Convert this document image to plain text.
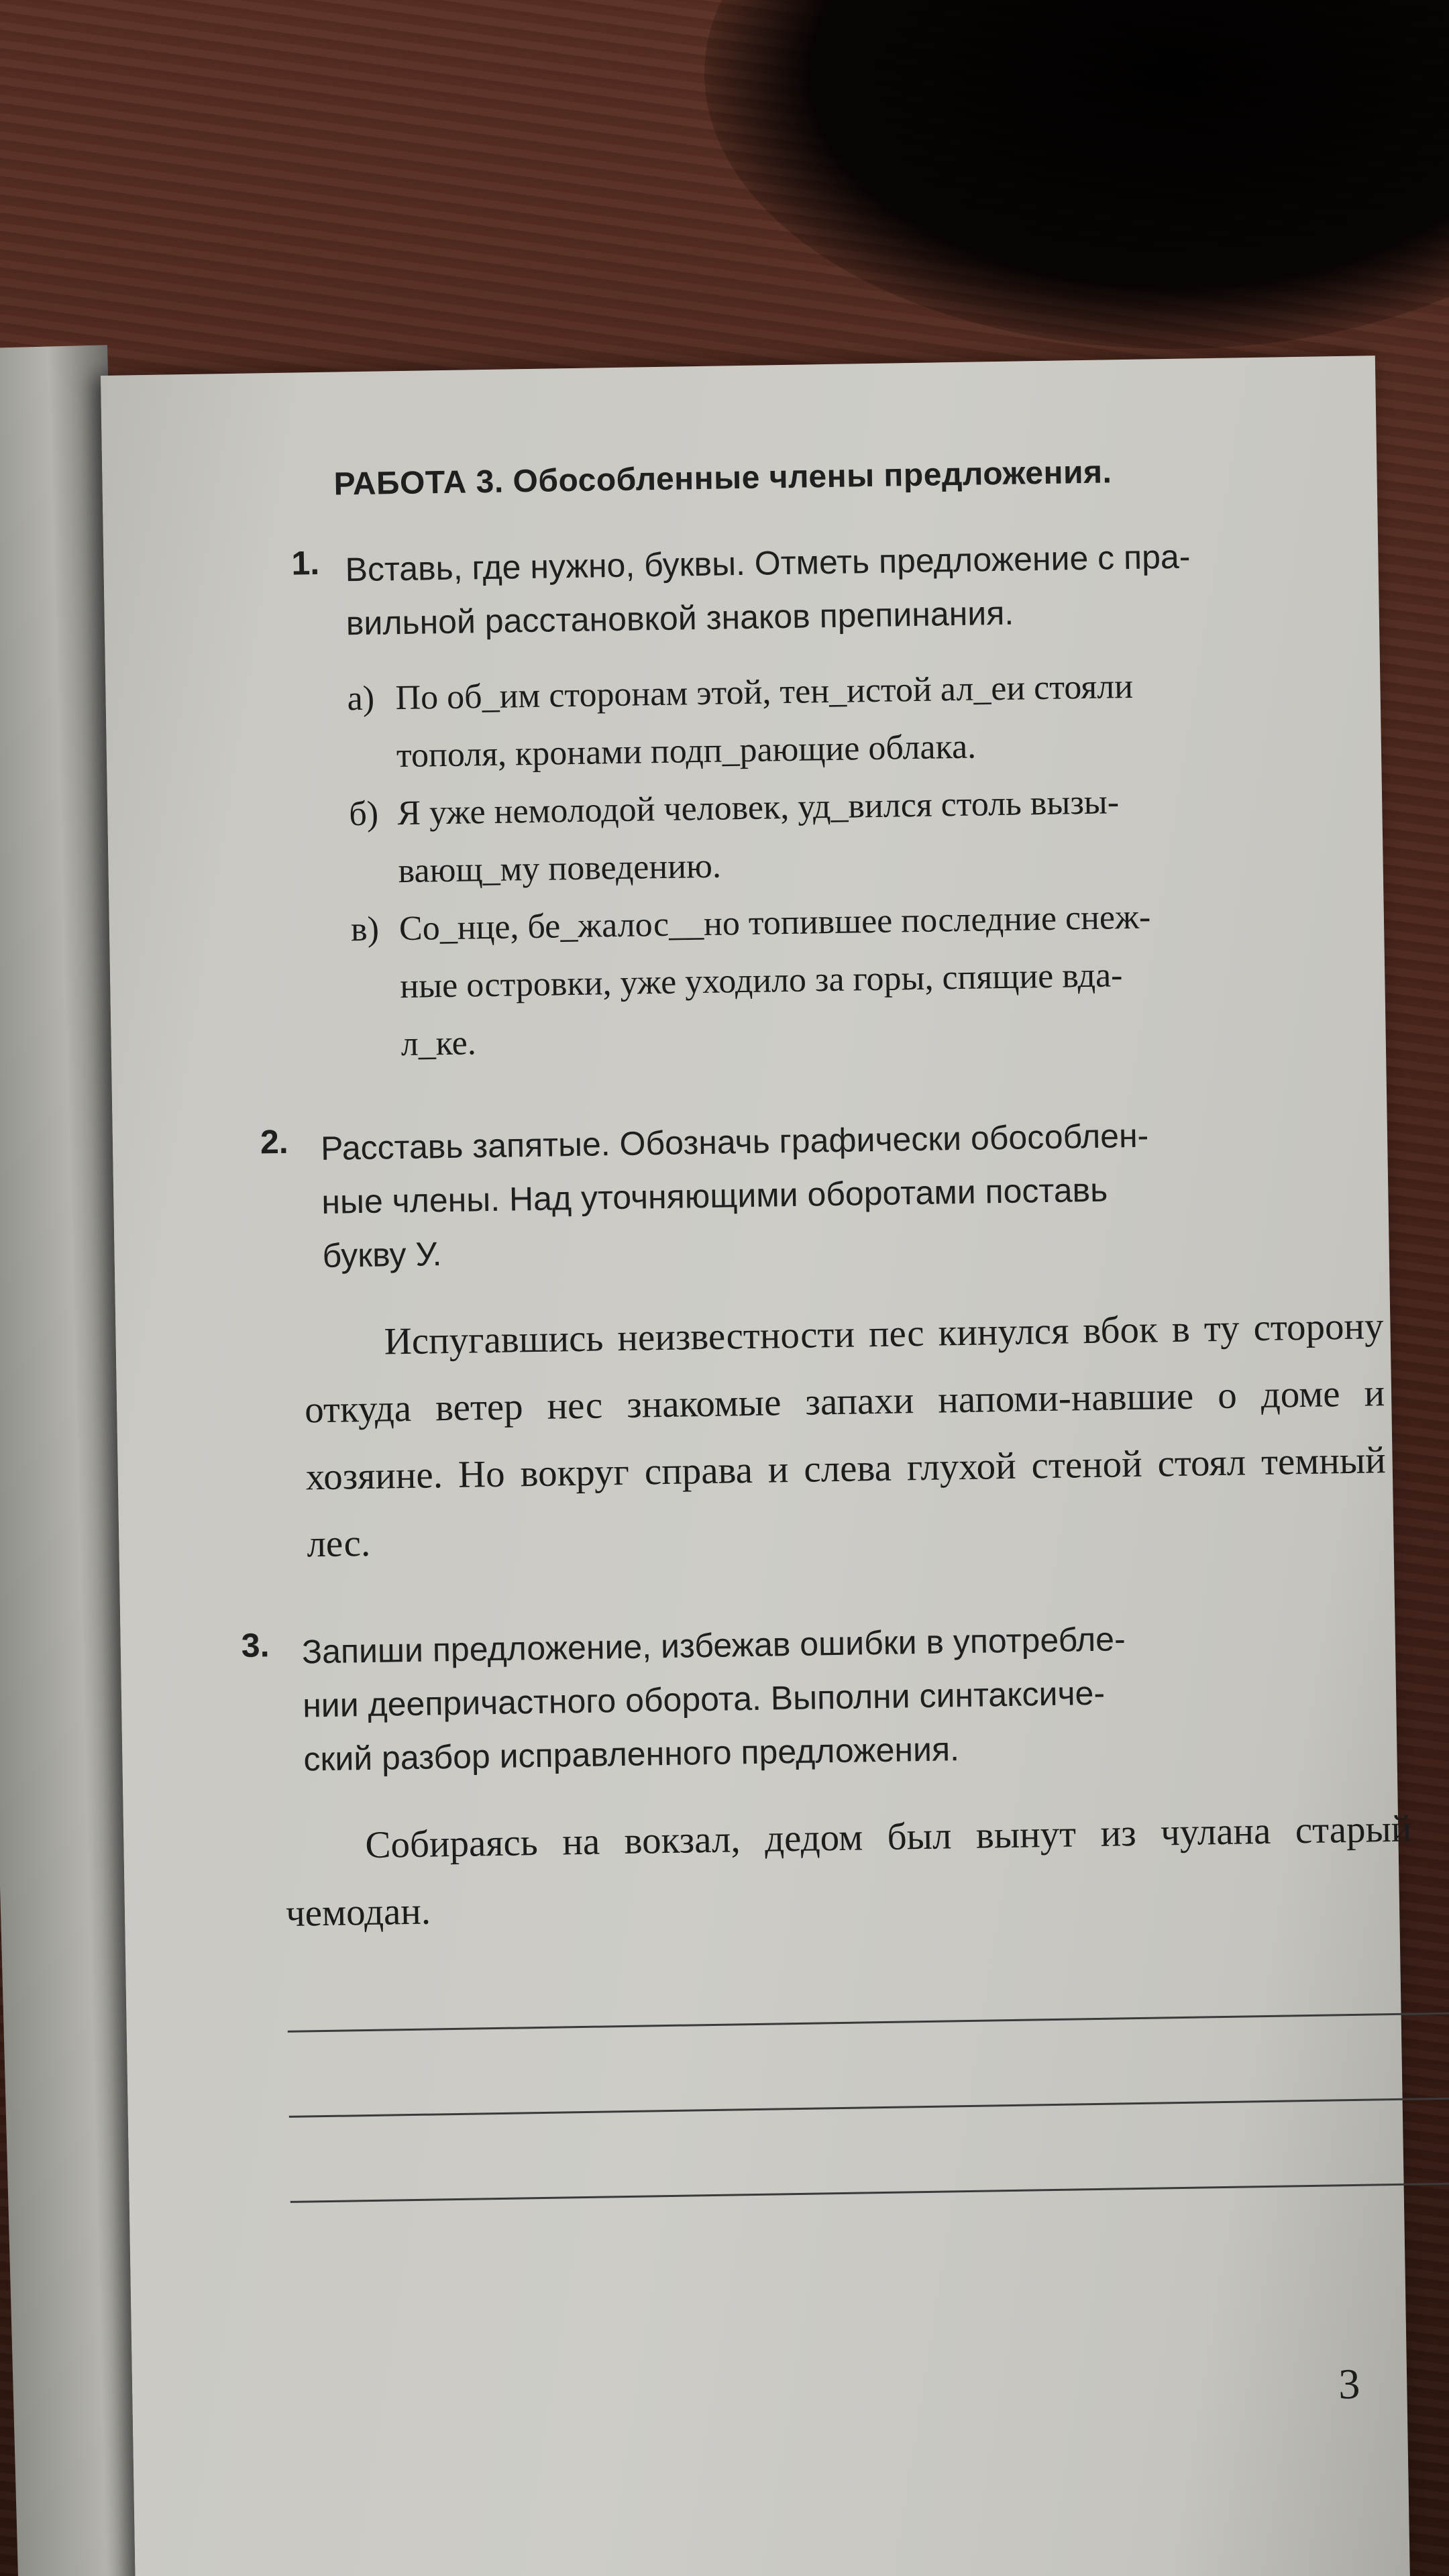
РАБОТА 3. Обособленные члены предложения.
1. Вставь, где нужно, буквы. Отметь предложение с пра-
вильной расстановкой знаков препинания.
а) По об_им сторонам этой, тен_истой ал_еи стояли
тополя, кронами подп_рающие облака.
б) Я уже немолодой человек, уд_вился столь вызы-
вающ_му поведению.
в) Со_нце, бе_жалос__но топившее последние снеж-
ные островки, уже уходило за горы, спящие вда-
л_ке.
2. Расставь запятые. Обозначь графически обособлен-
ные члены. Над уточняющими оборотами поставь
букву У.
Испугавшись неизвестности пес кинулся вбок в ту сторону откуда ветер нес знакомые запахи напоми-навшие о доме и хозяине. Но вокруг справа и слева глухой стеной стоял темный лес.
3. Запиши предложение, избежав ошибки в употребле-
нии деепричастного оборота. Выполни синтаксиче-
ский разбор исправленного предложения.
Собираясь на вокзал, дедом был вынут из чулана старый чемодан.
3
